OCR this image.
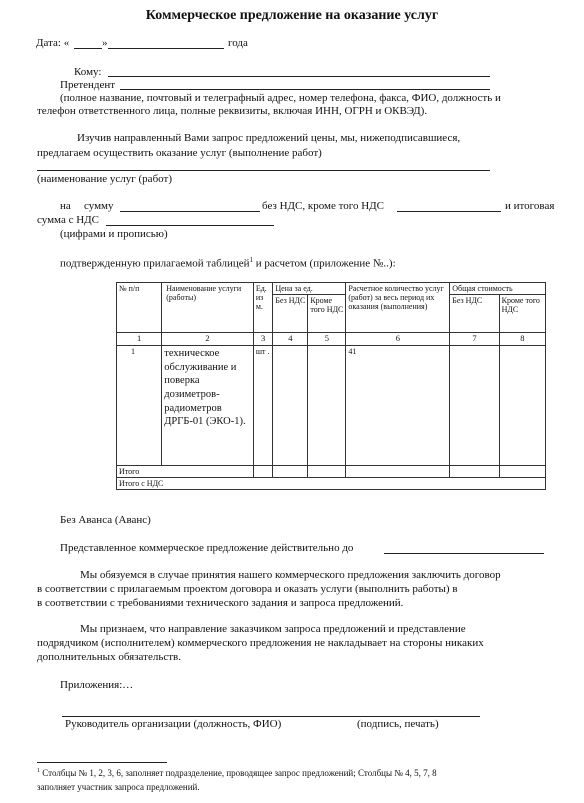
Коммерческое предложение на оказание услуг
Дата: «	»	года
Кому:
Претендент
(полное название, почтовый и телеграфный адрес, номер телефона, факса, ФИО, должность и
телефон ответственного лица, полные реквизиты, включая ИНН, ОГРН и ОКВЭД).
Изучив направленный Вами запрос предложений цены, мы, нижеподписавшиеся,
предлагаем осуществить оказание услуг (выполнение работ)
(наименование услуг (работ)
на сумму	без НДС, кроме того НДС	и итоговая
сумма с НДС
(цифрами и прописью)
подтвержденную прилагаемой таблицей$^1$ и расчетом (приложение №..):
№ п/п	Наименование услуги (работы)	Ед. из м.	Цена за ед.		Расчетное количество услуг (работ) за весь период их оказания (выполнения)	Общая стоимость	
			Без НДС	Кроме того НДС		Без НДС	Кроме того НДС
1	2	3	4	5	6	7	8
1	техническое обслуживание и поверка дозиметров-радиометров ДРГБ-01 (ЭКО-1).	шт .			41		
Итого							
Итого с НДС							
Без Аванса (Аванс)
Представленное коммерческое предложение действительно до
Мы обязуемся в случае принятия нашего коммерческого предложения заключить договор
в соответствии с прилагаемым проектом договора и оказать услуги (выполнить работы) в
в соответствии с требованиями технического задания и запроса предложений.
Мы признаем, что направление заказчиком запроса предложений и представление
подрядчиком (исполнителем) коммерческого предложения не накладывает на стороны никаких
дополнительных обязательств.
Приложения:…
Руководитель организации (должность, ФИО)	(подпись, печать)
$^1$ Столбцы № 1, 2, 3, 6, заполняет подразделение, проводящее запрос предложений; Столбцы № 4, 5, 7, 8
заполняет участник запроса предложений.
